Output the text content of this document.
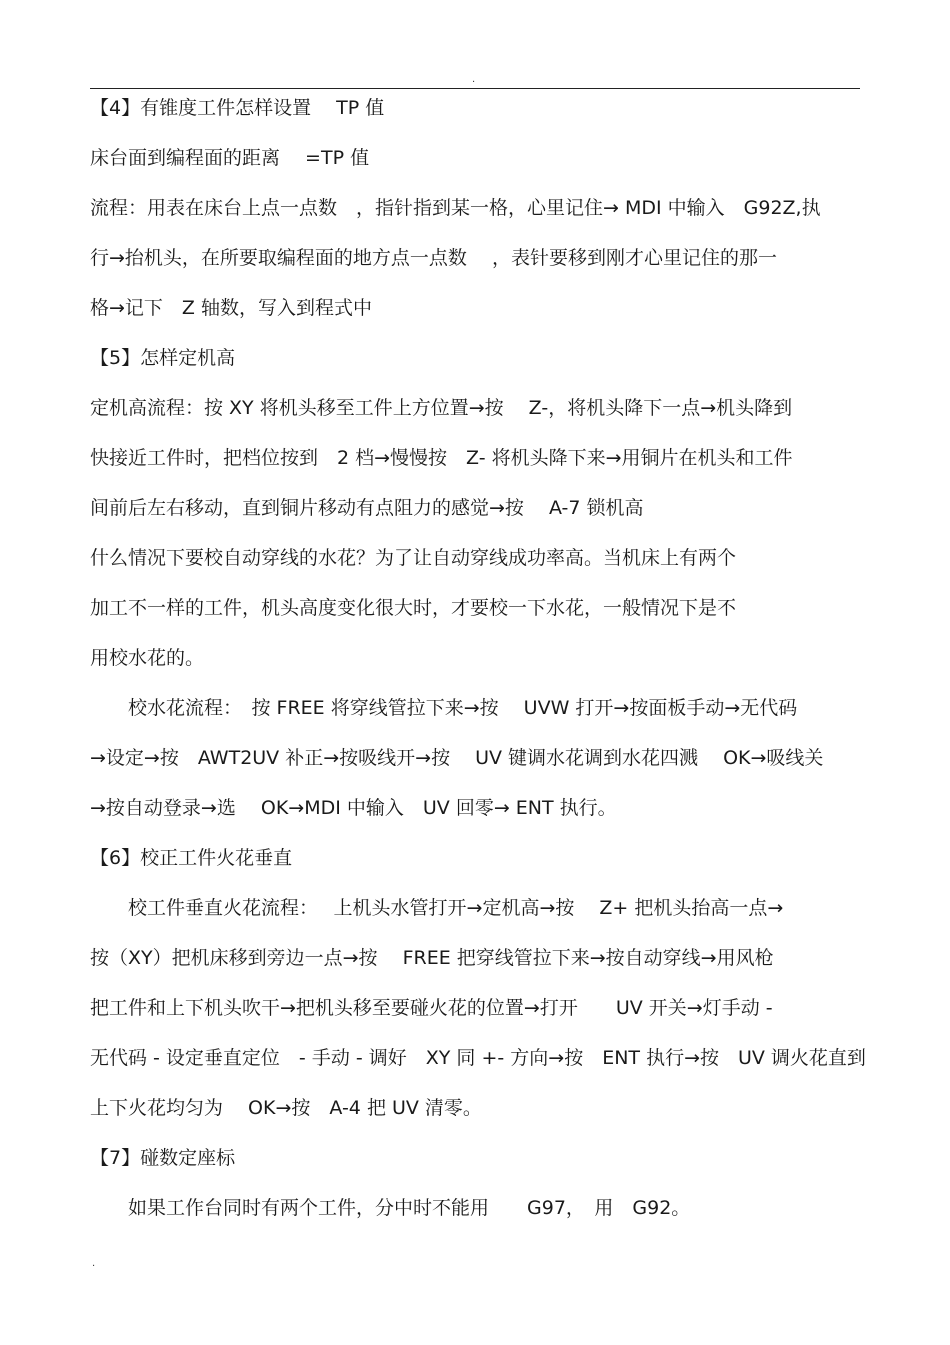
.
【4】有锥度工件怎样设置　 TP 值
床台面到编程面的距离　 =TP 值
流程：用表在床台上点一点数　，指针指到某一格，心里记住→ MDI 中输入　G92Z,执
行→抬机头，在所要取编程面的地方点一点数　 ，表针要移到刚才心里记住的那一
格→记下　Z 轴数，写入到程式中
【5】怎样定机高
定机高流程：按 XY 将机头移至工件上方位置→按　 Z-，将机头降下一点→机头降到
快接近工件时，把档位按到　2 档→慢慢按　Z- 将机头降下来→用铜片在机头和工件
间前后左右移动，直到铜片移动有点阻力的感觉→按　 A-7 锁机高
什么情况下要校自动穿线的水花？为了让自动穿线成功率高。当机床上有两个
加工不一样的工件，机头高度变化很大时，才要校一下水花，一般情况下是不
用校水花的。
　　校水花流程：　按 FREE 将穿线管拉下来→按　 UVW 打开→按面板手动→无代码
→设定→按　AWT2UV 补正→按吸线开→按　 UV 键调水花调到水花四溅　 OK→吸线关
→按自动登录→选　 OK→MDI 中输入　UV 回零→ ENT 执行。
【6】校正工件火花垂直
　　校工件垂直火花流程：　 上机头水管打开→定机高→按　 Z+ 把机头抬高一点→
按（XY）把机床移到旁边一点→按　 FREE 把穿线管拉下来→按自动穿线→用风枪
把工件和上下机头吹干→把机头移至要碰火花的位置→打开　　UV 开关→灯手动 -
无代码 - 设定垂直定位　- 手动 - 调好　XY 同 +- 方向→按　ENT 执行→按　UV 调火花直到
上下火花均匀为　 OK→按　A-4 把 UV 清零。
【7】碰数定座标
　　如果工作台同时有两个工件，分中时不能用　　G97，　用　G92。
.
